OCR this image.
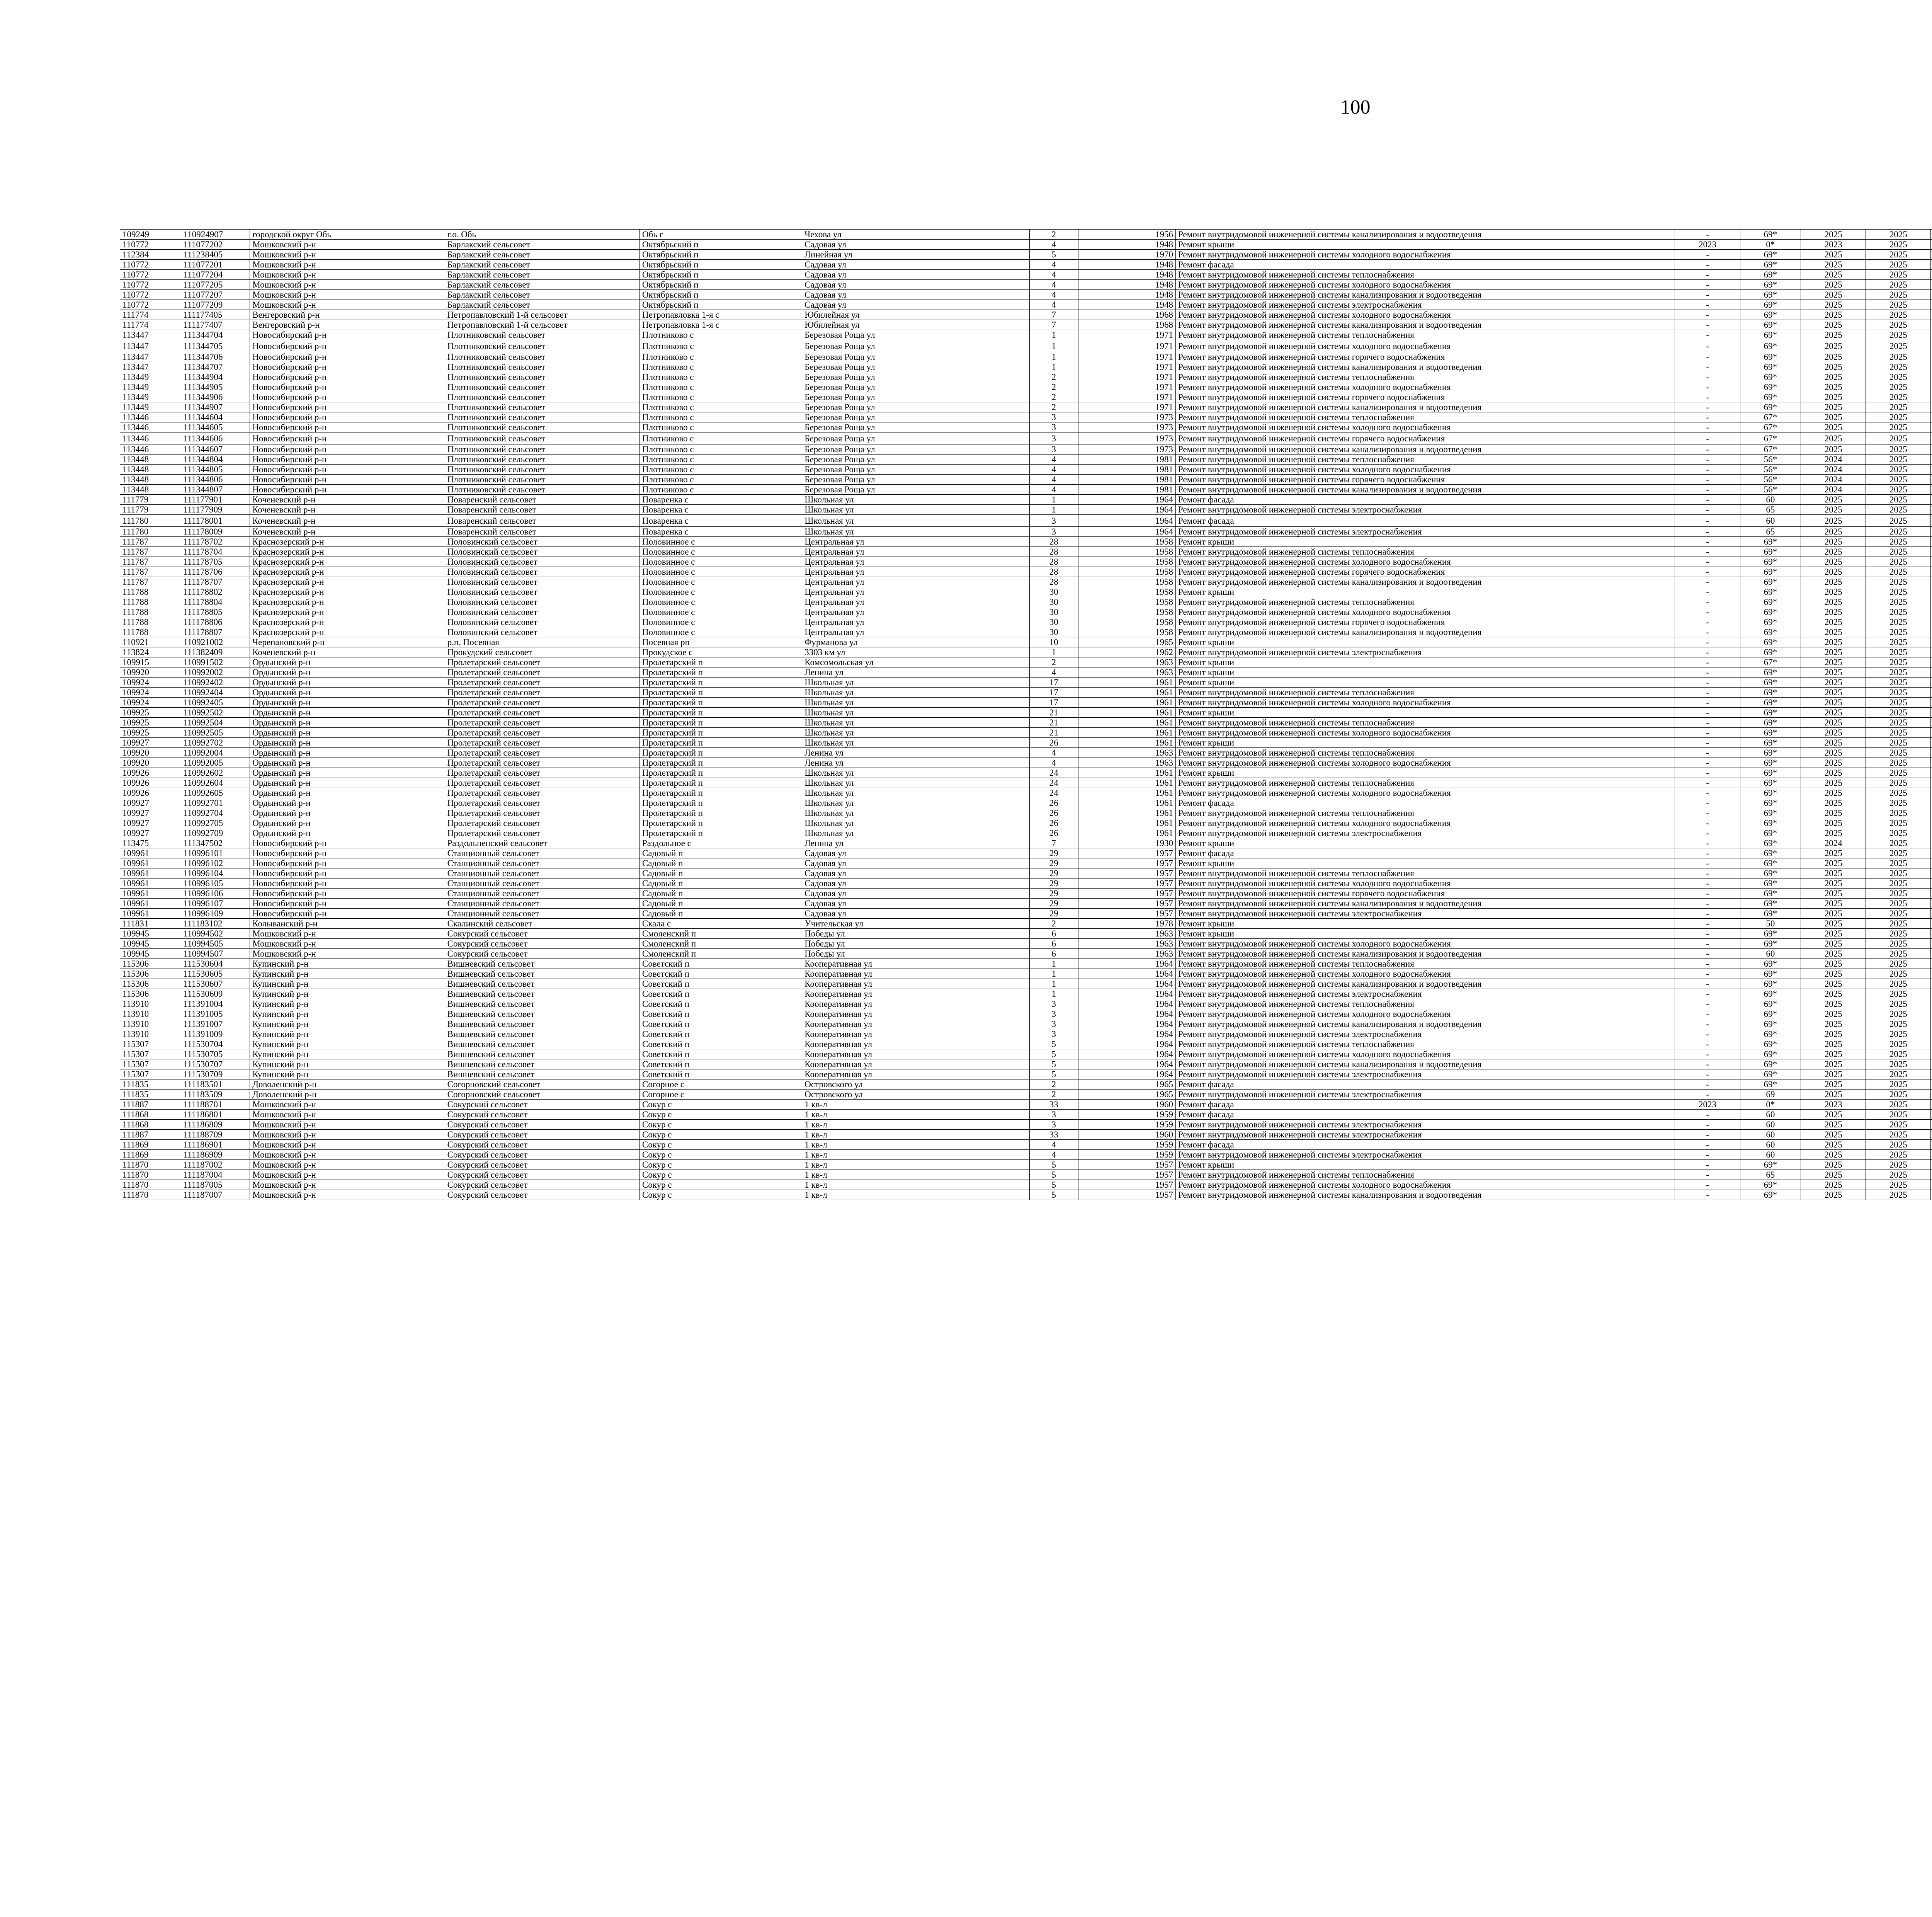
100
109249	110924907	городской округ Обь	г.о. Обь	Обь г	Чехова ул	2		1956	Ремонт внутридомовой инженерной системы канализирования и водоотведения	-	69*	2025	2025							
110772	111077202	Мошковский р-н	Барлакский сельсовет	Октябрьский п	Садовая ул	4		1948	Ремонт крыши	2023	0*	2023	2025							
112384	111238405	Мошковский р-н	Барлакский сельсовет	Октябрьский п	Линейная ул	5		1970	Ремонт внутридомовой инженерной системы холодного водоснабжения	-	69*	2025	2025							
110772	111077201	Мошковский р-н	Барлакский сельсовет	Октябрьский п	Садовая ул	4		1948	Ремонт фасада	-	69*	2025	2025							
110772	111077204	Мошковский р-н	Барлакский сельсовет	Октябрьский п	Садовая ул	4		1948	Ремонт внутридомовой инженерной системы теплоснабжения	-	69*	2025	2025							
110772	111077205	Мошковский р-н	Барлакский сельсовет	Октябрьский п	Садовая ул	4		1948	Ремонт внутридомовой инженерной системы холодного водоснабжения	-	69*	2025	2025							
110772	111077207	Мошковский р-н	Барлакский сельсовет	Октябрьский п	Садовая ул	4		1948	Ремонт внутридомовой инженерной системы канализирования и водоотведения	-	69*	2025	2025							
110772	111077209	Мошковский р-н	Барлакский сельсовет	Октябрьский п	Садовая ул	4		1948	Ремонт внутридомовой инженерной системы электроснабжения	-	69*	2025	2025							
111774	111177405	Венгеровский р-н	Петропавловский 1-й сельсовет	Петропавловка 1-я с	Юбилейная ул	7		1968	Ремонт внутридомовой инженерной системы холодного водоснабжения	-	69*	2025	2025							
111774	111177407	Венгеровский р-н	Петропавловский 1-й сельсовет	Петропавловка 1-я с	Юбилейная ул	7		1968	Ремонт внутридомовой инженерной системы канализирования и водоотведения	-	69*	2025	2025							
113447	111344704	Новосибирский р-н	Плотниковский сельсовет	Плотниково с	Березовая Роща ул	1		1971	Ремонт внутридомовой инженерной системы теплоснабжения	-	69*	2025	2025							
113447	111344705	Новосибирский р-н	Плотниковский сельсовет	Плотниково с	Березовая Роща ул	1		1971	Ремонт внутридомовой инженерной системы холодного водоснабжения	-	69*	2025	2025							
113447	111344706	Новосибирский р-н	Плотниковский сельсовет	Плотниково с	Березовая Роща ул	1		1971	Ремонт внутридомовой инженерной системы горячего водоснабжения	-	69*	2025	2025							
113447	111344707	Новосибирский р-н	Плотниковский сельсовет	Плотниково с	Березовая Роща ул	1		1971	Ремонт внутридомовой инженерной системы канализирования и водоотведения	-	69*	2025	2025							
113449	111344904	Новосибирский р-н	Плотниковский сельсовет	Плотниково с	Березовая Роща ул	2		1971	Ремонт внутридомовой инженерной системы теплоснабжения	-	69*	2025	2025							
113449	111344905	Новосибирский р-н	Плотниковский сельсовет	Плотниково с	Березовая Роща ул	2		1971	Ремонт внутридомовой инженерной системы холодного водоснабжения	-	69*	2025	2025							
113449	111344906	Новосибирский р-н	Плотниковский сельсовет	Плотниково с	Березовая Роща ул	2		1971	Ремонт внутридомовой инженерной системы горячего водоснабжения	-	69*	2025	2025							
113449	111344907	Новосибирский р-н	Плотниковский сельсовет	Плотниково с	Березовая Роща ул	2		1971	Ремонт внутридомовой инженерной системы канализирования и водоотведения	-	69*	2025	2025							
113446	111344604	Новосибирский р-н	Плотниковский сельсовет	Плотниково с	Березовая Роща ул	3		1973	Ремонт внутридомовой инженерной системы теплоснабжения	-	67*	2025	2025							
113446	111344605	Новосибирский р-н	Плотниковский сельсовет	Плотниково с	Березовая Роща ул	3		1973	Ремонт внутридомовой инженерной системы холодного водоснабжения	-	67*	2025	2025							
113446	111344606	Новосибирский р-н	Плотниковский сельсовет	Плотниково с	Березовая Роща ул	3		1973	Ремонт внутридомовой инженерной системы горячего водоснабжения	-	67*	2025	2025							
113446	111344607	Новосибирский р-н	Плотниковский сельсовет	Плотниково с	Березовая Роща ул	3		1973	Ремонт внутридомовой инженерной системы канализирования и водоотведения	-	67*	2025	2025							
113448	111344804	Новосибирский р-н	Плотниковский сельсовет	Плотниково с	Березовая Роща ул	4		1981	Ремонт внутридомовой инженерной системы теплоснабжения	-	56*	2024	2025							
113448	111344805	Новосибирский р-н	Плотниковский сельсовет	Плотниково с	Березовая Роща ул	4		1981	Ремонт внутридомовой инженерной системы холодного водоснабжения	-	56*	2024	2025							
113448	111344806	Новосибирский р-н	Плотниковский сельсовет	Плотниково с	Березовая Роща ул	4		1981	Ремонт внутридомовой инженерной системы горячего водоснабжения	-	56*	2024	2025							
113448	111344807	Новосибирский р-н	Плотниковский сельсовет	Плотниково с	Березовая Роща ул	4		1981	Ремонт внутридомовой инженерной системы канализирования и водоотведения	-	56*	2024	2025							
111779	111177901	Коченевский р-н	Поваренский сельсовет	Поваренка с	Школьная ул	1		1964	Ремонт фасада	-	60	2025	2025							
111779	111177909	Коченевский р-н	Поваренский сельсовет	Поваренка с	Школьная ул	1		1964	Ремонт внутридомовой инженерной системы электроснабжения	-	65	2025	2025							
111780	111178001	Коченевский р-н	Поваренский сельсовет	Поваренка с	Школьная ул	3		1964	Ремонт фасада	-	60	2025	2025							
111780	111178009	Коченевский р-н	Поваренский сельсовет	Поваренка с	Школьная ул	3		1964	Ремонт внутридомовой инженерной системы электроснабжения	-	65	2025	2025							
111787	111178702	Краснозерский р-н	Половинский сельсовет	Половинное с	Центральная ул	28		1958	Ремонт крыши	-	69*	2025	2025							
111787	111178704	Краснозерский р-н	Половинский сельсовет	Половинное с	Центральная ул	28		1958	Ремонт внутридомовой инженерной системы теплоснабжения	-	69*	2025	2025							
111787	111178705	Краснозерский р-н	Половинский сельсовет	Половинное с	Центральная ул	28		1958	Ремонт внутридомовой инженерной системы холодного водоснабжения	-	69*	2025	2025							
111787	111178706	Краснозерский р-н	Половинский сельсовет	Половинное с	Центральная ул	28		1958	Ремонт внутридомовой инженерной системы горячего водоснабжения	-	69*	2025	2025							
111787	111178707	Краснозерский р-н	Половинский сельсовет	Половинное с	Центральная ул	28		1958	Ремонт внутридомовой инженерной системы канализирования и водоотведения	-	69*	2025	2025							
111788	111178802	Краснозерский р-н	Половинский сельсовет	Половинное с	Центральная ул	30		1958	Ремонт крыши	-	69*	2025	2025							
111788	111178804	Краснозерский р-н	Половинский сельсовет	Половинное с	Центральная ул	30		1958	Ремонт внутридомовой инженерной системы теплоснабжения	-	69*	2025	2025							
111788	111178805	Краснозерский р-н	Половинский сельсовет	Половинное с	Центральная ул	30		1958	Ремонт внутридомовой инженерной системы холодного водоснабжения	-	69*	2025	2025							
111788	111178806	Краснозерский р-н	Половинский сельсовет	Половинное с	Центральная ул	30		1958	Ремонт внутридомовой инженерной системы горячего водоснабжения	-	69*	2025	2025							
111788	111178807	Краснозерский р-н	Половинский сельсовет	Половинное с	Центральная ул	30		1958	Ремонт внутридомовой инженерной системы канализирования и водоотведения	-	69*	2025	2025							
110921	110921002	Черепановский р-н	р.п. Посевная	Посевная рп	Фурманова ул	10		1965	Ремонт крыши	-	69*	2025	2025							
113824	111382409	Коченевский р-н	Прокудский сельсовет	Прокудское с	3303 км ул	1		1962	Ремонт внутридомовой инженерной системы электроснабжения	-	69*	2025	2025							
109915	110991502	Ордынский р-н	Пролетарский сельсовет	Пролетарский п	Комсомольская ул	2		1963	Ремонт крыши	-	67*	2025	2025							
109920	110992002	Ордынский р-н	Пролетарский сельсовет	Пролетарский п	Ленина ул	4		1963	Ремонт крыши	-	69*	2025	2025							
109924	110992402	Ордынский р-н	Пролетарский сельсовет	Пролетарский п	Школьная ул	17		1961	Ремонт крыши	-	69*	2025	2025							
109924	110992404	Ордынский р-н	Пролетарский сельсовет	Пролетарский п	Школьная ул	17		1961	Ремонт внутридомовой инженерной системы теплоснабжения	-	69*	2025	2025							
109924	110992405	Ордынский р-н	Пролетарский сельсовет	Пролетарский п	Школьная ул	17		1961	Ремонт внутридомовой инженерной системы холодного водоснабжения	-	69*	2025	2025							
109925	110992502	Ордынский р-н	Пролетарский сельсовет	Пролетарский п	Школьная ул	21		1961	Ремонт крыши	-	69*	2025	2025							
109925	110992504	Ордынский р-н	Пролетарский сельсовет	Пролетарский п	Школьная ул	21		1961	Ремонт внутридомовой инженерной системы теплоснабжения	-	69*	2025	2025							
109925	110992505	Ордынский р-н	Пролетарский сельсовет	Пролетарский п	Школьная ул	21		1961	Ремонт внутридомовой инженерной системы холодного водоснабжения	-	69*	2025	2025							
109927	110992702	Ордынский р-н	Пролетарский сельсовет	Пролетарский п	Школьная ул	26		1961	Ремонт крыши	-	69*	2025	2025							
109920	110992004	Ордынский р-н	Пролетарский сельсовет	Пролетарский п	Ленина ул	4		1963	Ремонт внутридомовой инженерной системы теплоснабжения	-	69*	2025	2025							
109920	110992005	Ордынский р-н	Пролетарский сельсовет	Пролетарский п	Ленина ул	4		1963	Ремонт внутридомовой инженерной системы холодного водоснабжения	-	69*	2025	2025							
109926	110992602	Ордынский р-н	Пролетарский сельсовет	Пролетарский п	Школьная ул	24		1961	Ремонт крыши	-	69*	2025	2025							
109926	110992604	Ордынский р-н	Пролетарский сельсовет	Пролетарский п	Школьная ул	24		1961	Ремонт внутридомовой инженерной системы теплоснабжения	-	69*	2025	2025							
109926	110992605	Ордынский р-н	Пролетарский сельсовет	Пролетарский п	Школьная ул	24		1961	Ремонт внутридомовой инженерной системы холодного водоснабжения	-	69*	2025	2025							
109927	110992701	Ордынский р-н	Пролетарский сельсовет	Пролетарский п	Школьная ул	26		1961	Ремонт фасада	-	69*	2025	2025							
109927	110992704	Ордынский р-н	Пролетарский сельсовет	Пролетарский п	Школьная ул	26		1961	Ремонт внутридомовой инженерной системы теплоснабжения	-	69*	2025	2025							
109927	110992705	Ордынский р-н	Пролетарский сельсовет	Пролетарский п	Школьная ул	26		1961	Ремонт внутридомовой инженерной системы холодного водоснабжения	-	69*	2025	2025							
109927	110992709	Ордынский р-н	Пролетарский сельсовет	Пролетарский п	Школьная ул	26		1961	Ремонт внутридомовой инженерной системы электроснабжения	-	69*	2025	2025							
113475	111347502	Новосибирский р-н	Раздольненский сельсовет	Раздольное с	Ленина ул	7		1930	Ремонт крыши	-	69*	2024	2025							
109961	110996101	Новосибирский р-н	Станционный сельсовет	Садовый п	Садовая ул	29		1957	Ремонт фасада	-	69*	2025	2025							
109961	110996102	Новосибирский р-н	Станционный сельсовет	Садовый п	Садовая ул	29		1957	Ремонт крыши	-	69*	2025	2025							
109961	110996104	Новосибирский р-н	Станционный сельсовет	Садовый п	Садовая ул	29		1957	Ремонт внутридомовой инженерной системы теплоснабжения	-	69*	2025	2025							
109961	110996105	Новосибирский р-н	Станционный сельсовет	Садовый п	Садовая ул	29		1957	Ремонт внутридомовой инженерной системы холодного водоснабжения	-	69*	2025	2025							
109961	110996106	Новосибирский р-н	Станционный сельсовет	Садовый п	Садовая ул	29		1957	Ремонт внутридомовой инженерной системы горячего водоснабжения	-	69*	2025	2025							
109961	110996107	Новосибирский р-н	Станционный сельсовет	Садовый п	Садовая ул	29		1957	Ремонт внутридомовой инженерной системы канализирования и водоотведения	-	69*	2025	2025							
109961	110996109	Новосибирский р-н	Станционный сельсовет	Садовый п	Садовая ул	29		1957	Ремонт внутридомовой инженерной системы электроснабжения	-	69*	2025	2025							
111831	111183102	Колыванский р-н	Скалинский сельсовет	Скала с	Учительская ул	2		1978	Ремонт крыши	-	50	2025	2025							
109945	110994502	Мошковский р-н	Сокурский сельсовет	Смоленский п	Победы ул	6		1963	Ремонт крыши	-	69*	2025	2025							
109945	110994505	Мошковский р-н	Сокурский сельсовет	Смоленский п	Победы ул	6		1963	Ремонт внутридомовой инженерной системы холодного водоснабжения	-	69*	2025	2025							
109945	110994507	Мошковский р-н	Сокурский сельсовет	Смоленский п	Победы ул	6		1963	Ремонт внутридомовой инженерной системы канализирования и водоотведения	-	60	2025	2025							
115306	111530604	Купинский р-н	Вишневский сельсовет	Советский п	Кооперативная ул	1		1964	Ремонт внутридомовой инженерной системы теплоснабжения	-	69*	2025	2025							
115306	111530605	Купинский р-н	Вишневский сельсовет	Советский п	Кооперативная ул	1		1964	Ремонт внутридомовой инженерной системы холодного водоснабжения	-	69*	2025	2025							
115306	111530607	Купинский р-н	Вишневский сельсовет	Советский п	Кооперативная ул	1		1964	Ремонт внутридомовой инженерной системы канализирования и водоотведения	-	69*	2025	2025							
115306	111530609	Купинский р-н	Вишневский сельсовет	Советский п	Кооперативная ул	1		1964	Ремонт внутридомовой инженерной системы электроснабжения	-	69*	2025	2025							
113910	111391004	Купинский р-н	Вишневский сельсовет	Советский п	Кооперативная ул	3		1964	Ремонт внутридомовой инженерной системы теплоснабжения	-	69*	2025	2025							
113910	111391005	Купинский р-н	Вишневский сельсовет	Советский п	Кооперативная ул	3		1964	Ремонт внутридомовой инженерной системы холодного водоснабжения	-	69*	2025	2025							
113910	111391007	Купинский р-н	Вишневский сельсовет	Советский п	Кооперативная ул	3		1964	Ремонт внутридомовой инженерной системы канализирования и водоотведения	-	69*	2025	2025							
113910	111391009	Купинский р-н	Вишневский сельсовет	Советский п	Кооперативная ул	3		1964	Ремонт внутридомовой инженерной системы электроснабжения	-	69*	2025	2025							
115307	111530704	Купинский р-н	Вишневский сельсовет	Советский п	Кооперативная ул	5		1964	Ремонт внутридомовой инженерной системы теплоснабжения	-	69*	2025	2025							
115307	111530705	Купинский р-н	Вишневский сельсовет	Советский п	Кооперативная ул	5		1964	Ремонт внутридомовой инженерной системы холодного водоснабжения	-	69*	2025	2025							
115307	111530707	Купинский р-н	Вишневский сельсовет	Советский п	Кооперативная ул	5		1964	Ремонт внутридомовой инженерной системы канализирования и водоотведения	-	69*	2025	2025							
115307	111530709	Купинский р-н	Вишневский сельсовет	Советский п	Кооперативная ул	5		1964	Ремонт внутридомовой инженерной системы электроснабжения	-	69*	2025	2025							
111835	111183501	Доволенский р-н	Согорновский сельсовет	Согорное с	Островского ул	2		1965	Ремонт фасада	-	69*	2025	2025							
111835	111183509	Доволенский р-н	Согорновский сельсовет	Согорное с	Островского ул	2		1965	Ремонт внутридомовой инженерной системы электроснабжения	-	69	2025	2025							
111887	111188701	Мошковский р-н	Сокурский сельсовет	Сокур с	1 кв-л	33		1960	Ремонт фасада	2023	0*	2023	2025							
111868	111186801	Мошковский р-н	Сокурский сельсовет	Сокур с	1 кв-л	3		1959	Ремонт фасада	-	60	2025	2025							
111868	111186809	Мошковский р-н	Сокурский сельсовет	Сокур с	1 кв-л	3		1959	Ремонт внутридомовой инженерной системы электроснабжения	-	60	2025	2025							
111887	111188709	Мошковский р-н	Сокурский сельсовет	Сокур с	1 кв-л	33		1960	Ремонт внутридомовой инженерной системы электроснабжения	-	60	2025	2025							
111869	111186901	Мошковский р-н	Сокурский сельсовет	Сокур с	1 кв-л	4		1959	Ремонт фасада	-	60	2025	2025							
111869	111186909	Мошковский р-н	Сокурский сельсовет	Сокур с	1 кв-л	4		1959	Ремонт внутридомовой инженерной системы электроснабжения	-	60	2025	2025							
111870	111187002	Мошковский р-н	Сокурский сельсовет	Сокур с	1 кв-л	5		1957	Ремонт крыши	-	69*	2025	2025							
111870	111187004	Мошковский р-н	Сокурский сельсовет	Сокур с	1 кв-л	5		1957	Ремонт внутридомовой инженерной системы теплоснабжения	-	65	2025	2025							
111870	111187005	Мошковский р-н	Сокурский сельсовет	Сокур с	1 кв-л	5		1957	Ремонт внутридомовой инженерной системы холодного водоснабжения	-	69*	2025	2025							
111870	111187007	Мошковский р-н	Сокурский сельсовет	Сокур с	1 кв-л	5		1957	Ремонт внутридомовой инженерной системы канализирования и водоотведения	-	69*	2025	2025							
